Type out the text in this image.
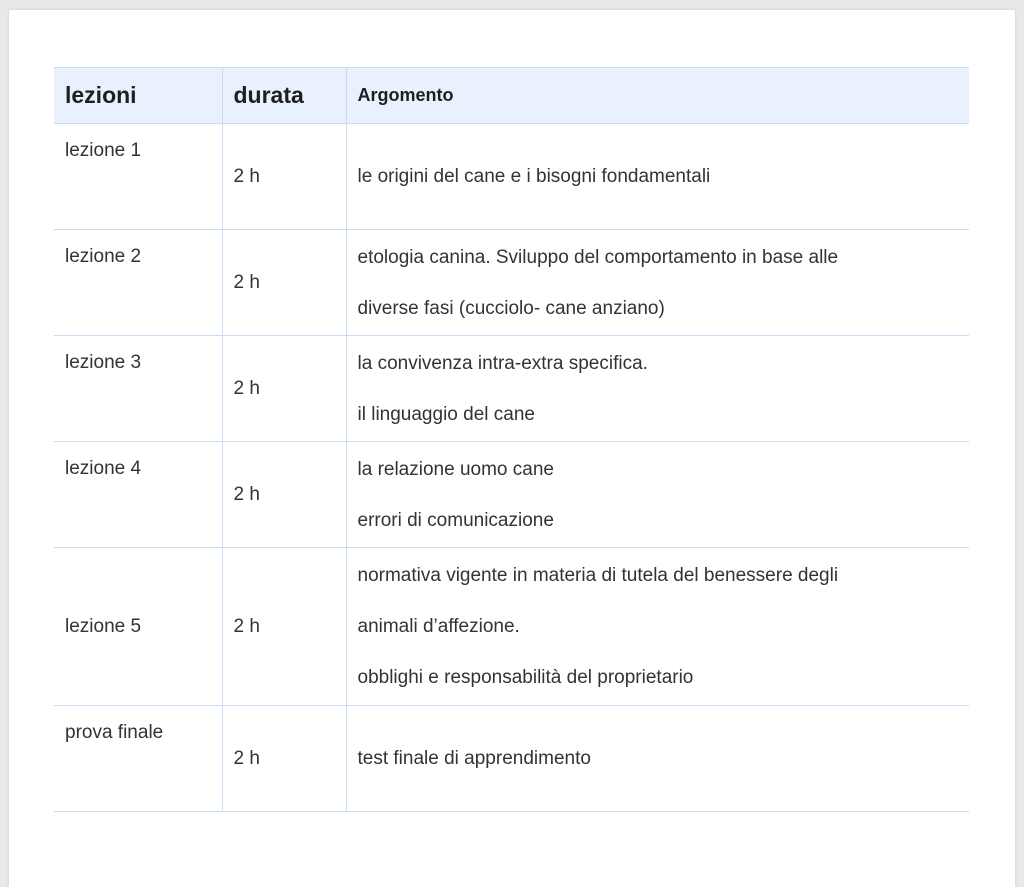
lezioni	durata	Argomento
lezione 1	2 h	le origini del cane e i bisogni fondamentali

lezione 2	2 h	etologia canina. Sviluppo del comportamento in base alle
diverse fasi (cucciolo- cane anziano)

lezione 3	2 h	la convivenza intra-extra specifica.
il linguaggio del cane

lezione 4	2 h	la relazione uomo cane
errori di comunicazione

lezione 5	2 h	normativa vigente in materia di tutela del benessere degli
animali d’affezione.
obblighi e responsabilità del proprietario

prova finale	2 h	test finale di apprendimento
